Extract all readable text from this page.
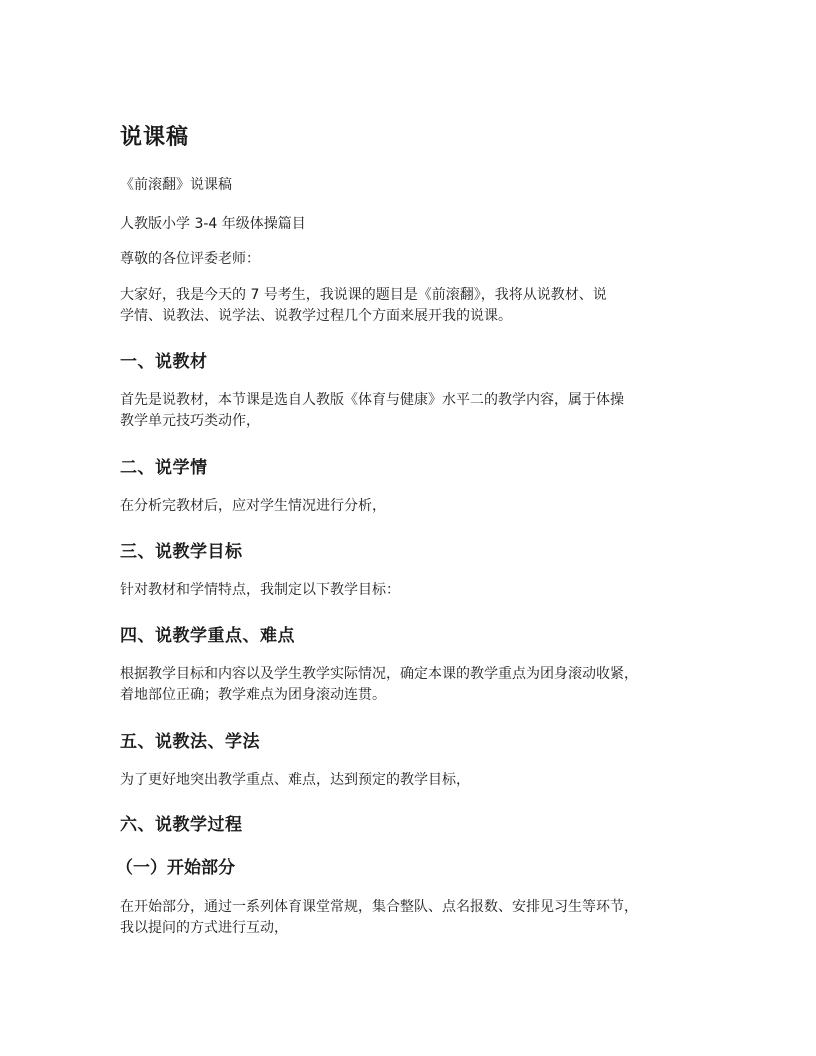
说课稿
《前滚翻》说课稿
人教版小学 3-4 年级体操篇目
尊敬的各位评委老师：
大家好，我是今天的 7 号考生，我说课的题目是《前滚翻》，我将从说教材、说
学情、说教法、说学法、说教学过程几个方面来展开我的说课。
一、说教材
首先是说教材，本节课是选自人教版《体育与健康》水平二的教学内容，属于体操
教学单元技巧类动作，
二、说学情
在分析完教材后，应对学生情况进行分析，
三、说教学目标
针对教材和学情特点，我制定以下教学目标：
四、说教学重点、难点
根据教学目标和内容以及学生教学实际情况，确定本课的教学重点为团身滚动收紧，
着地部位正确；教学难点为团身滚动连贯。
五、说教法、学法
为了更好地突出教学重点、难点，达到预定的教学目标，
六、说教学过程
（一）开始部分
在开始部分，通过一系列体育课堂常规，集合整队、点名报数、安排见习生等环节，
我以提问的方式进行互动，
